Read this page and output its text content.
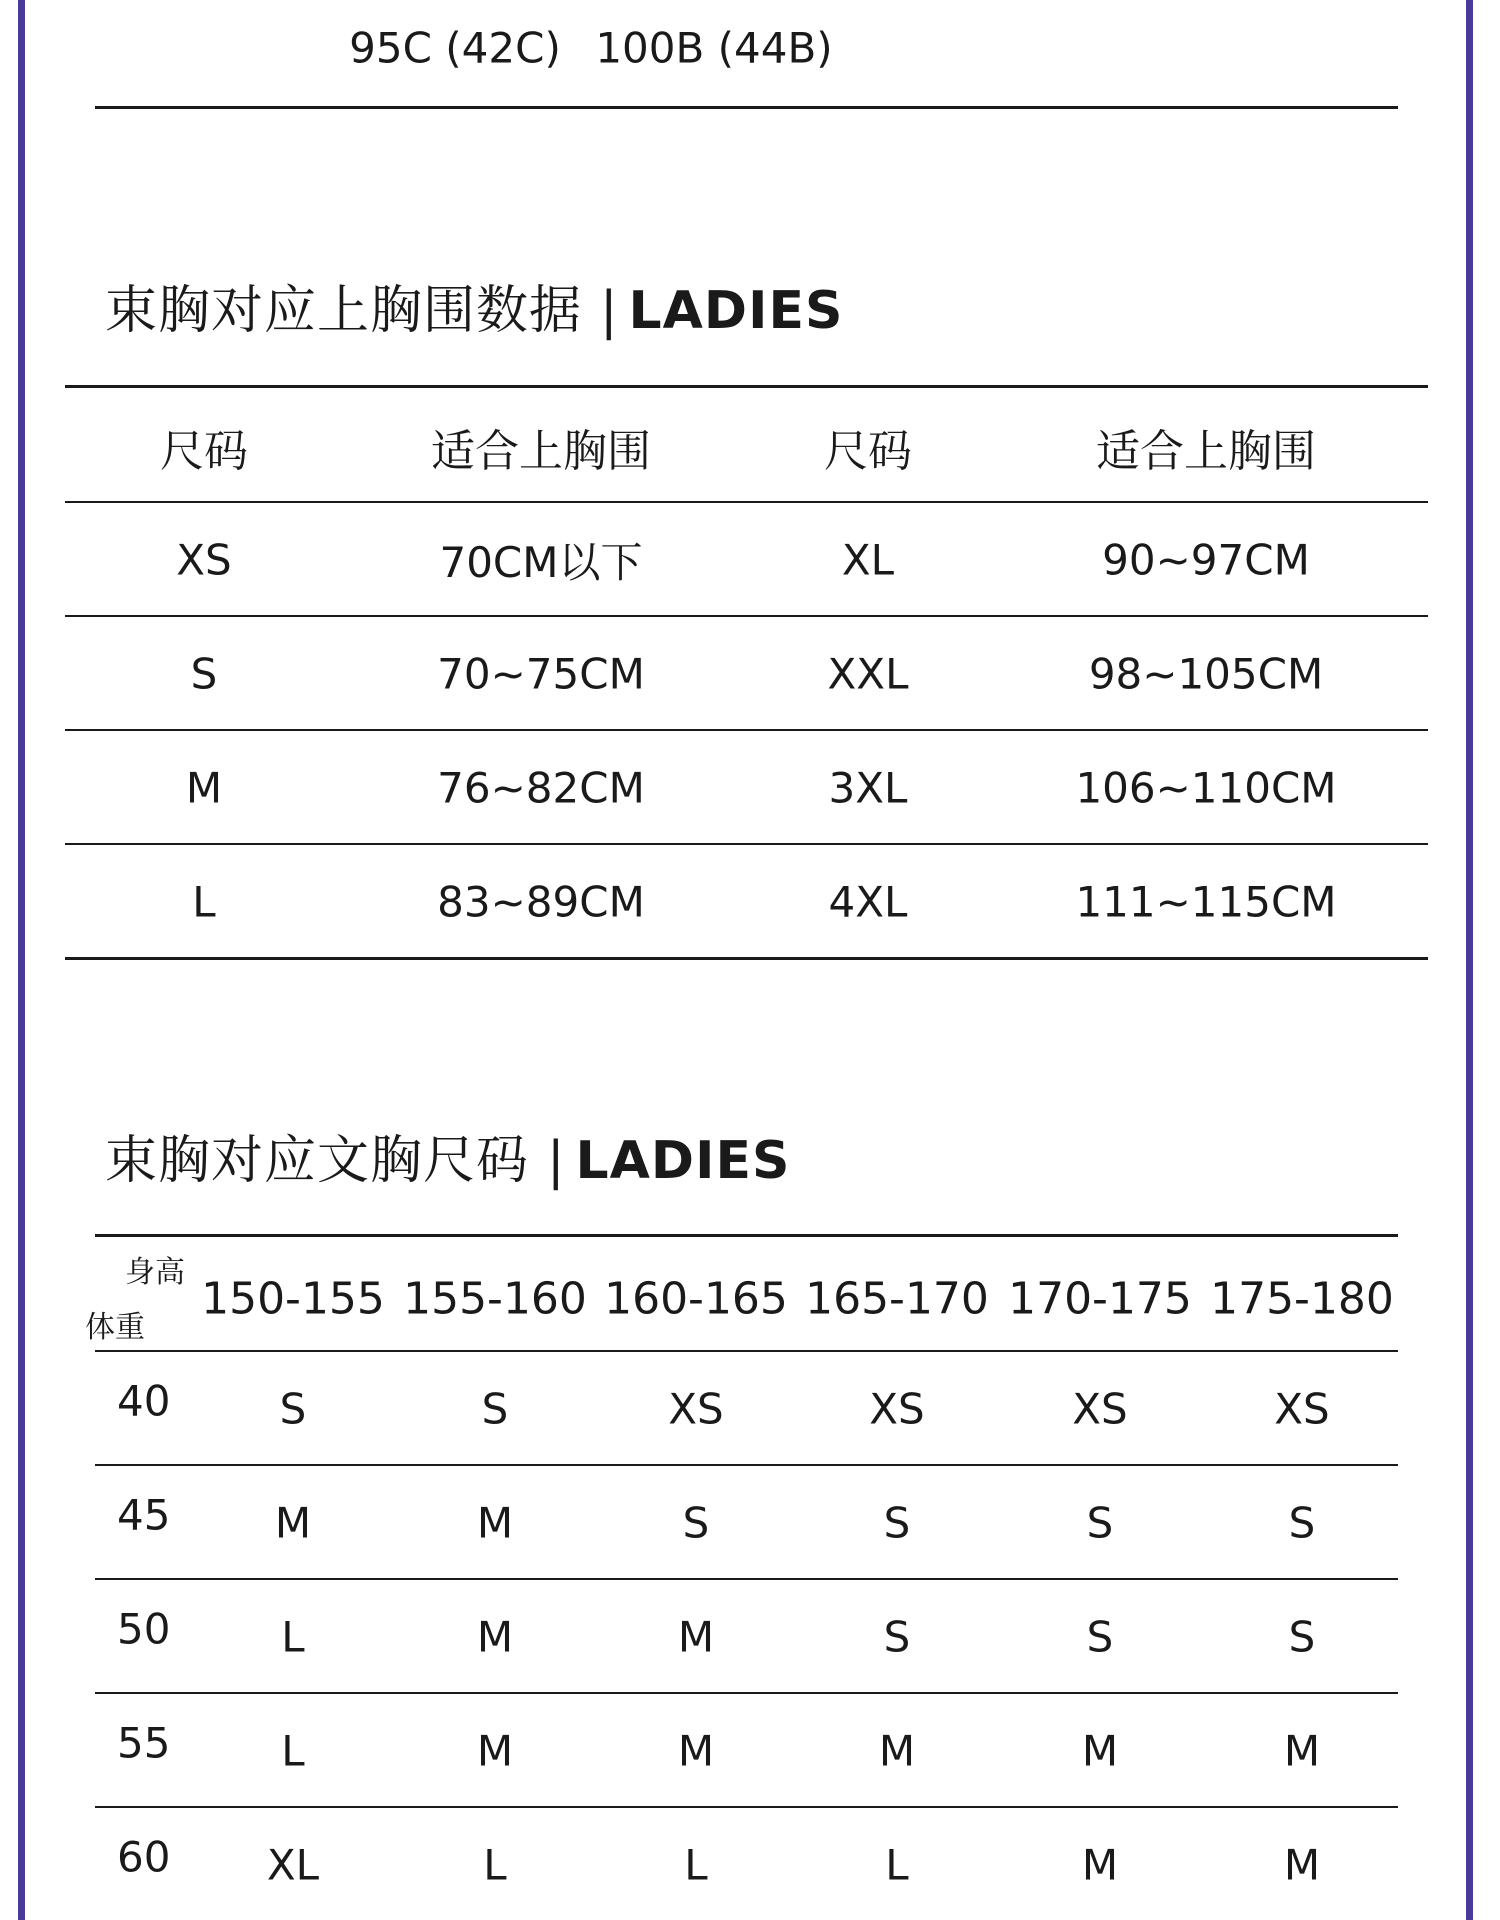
95C (42C) 100B (44B)
束胸对应上胸围数据 | LADIES
尺码	适合上胸围	尺码	适合上胸围
XS	70CM以下	XL	90~97CM
S	70~75CM	XXL	98~105CM
M	76~82CM	3XL	106~110CM
L	83~89CM	4XL	111~115CM
束胸对应文胸尺码 | LADIES
身高
体重
150-155 155-160 160-165 165-170 170-175 175-180
40	S	S	XS	XS	XS	XS
45 M	M	S	S	S	S
50	L	M	M	S	S	S
55	L	M	M	M	M	M
60 XL	L	L	L	M	M
